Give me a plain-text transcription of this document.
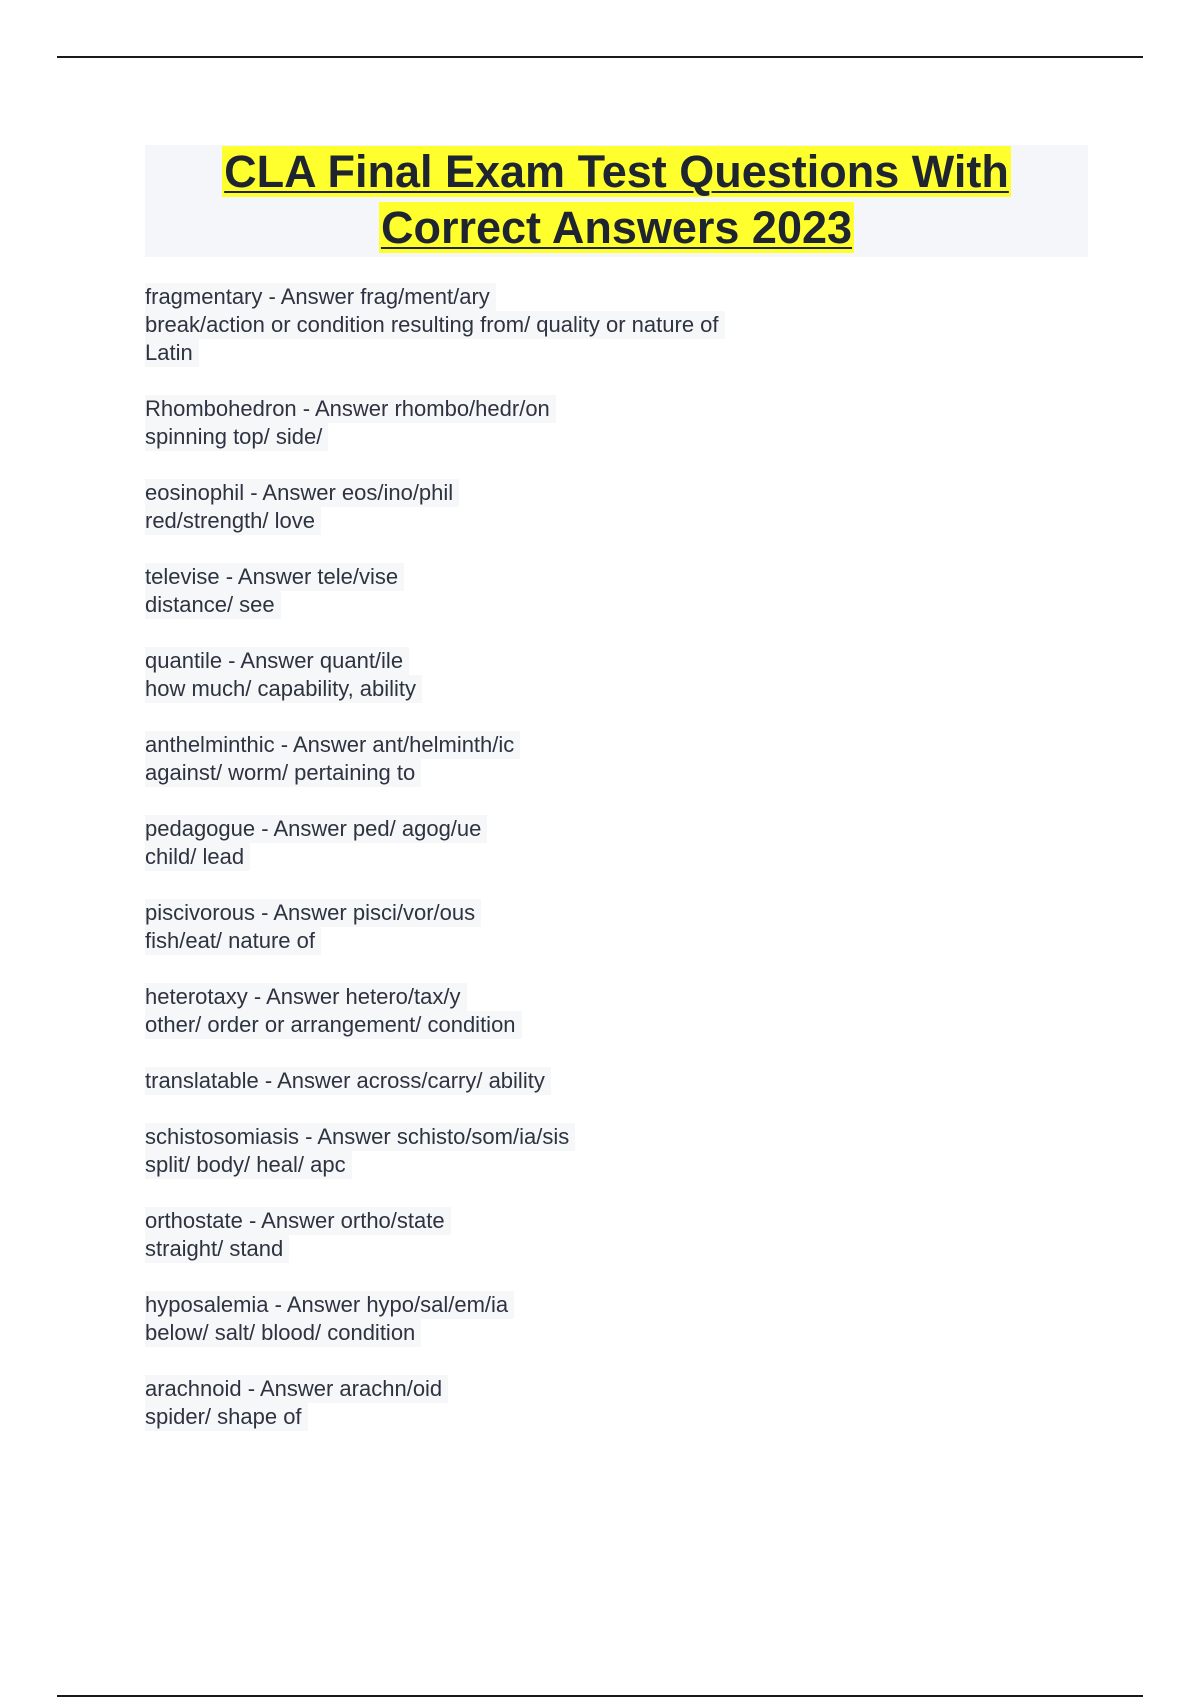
CLA Final Exam Test Questions With
Correct Answers 2023
fragmentary - Answer frag/ment/ary
break/action or condition resulting from/ quality or nature of
Latin
Rhombohedron - Answer rhombo/hedr/on
spinning top/ side/
eosinophil - Answer eos/ino/phil
red/strength/ love
televise - Answer tele/vise
distance/ see
quantile - Answer quant/ile
how much/ capability, ability
anthelminthic - Answer ant/helminth/ic
against/ worm/ pertaining to
pedagogue - Answer ped/ agog/ue
child/ lead
piscivorous - Answer pisci/vor/ous
fish/eat/ nature of
heterotaxy - Answer hetero/tax/y
other/ order or arrangement/ condition
translatable - Answer across/carry/ ability
schistosomiasis - Answer schisto/som/ia/sis
split/ body/ heal/ apc
orthostate - Answer ortho/state
straight/ stand
hyposalemia - Answer hypo/sal/em/ia
below/ salt/ blood/ condition
arachnoid - Answer arachn/oid
spider/ shape of
